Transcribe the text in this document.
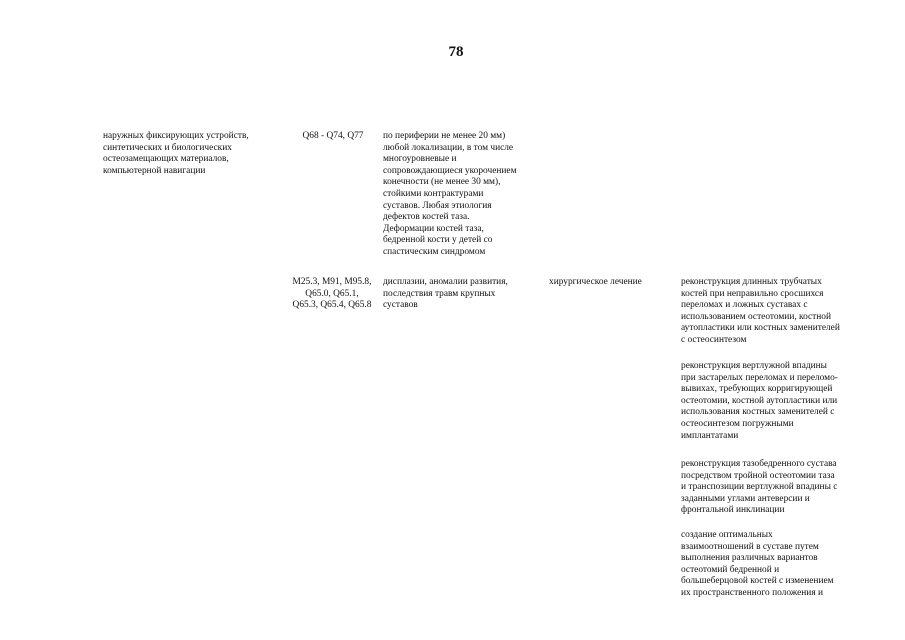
78
наружных фиксирующих устройств,
синтетических и биологических
остеозамещающих материалов,
компьютерной навигации
Q68 - Q74, Q77	по периферии не менее 20 мм)
любой локализации, в том числе
многоуровневые и
сопровождающиеся укорочением
конечности (не менее 30 мм),
стойкими контрактурами
суставов. Любая этиология
дефектов костей таза.
Деформации костей таза,
бедренной кости у детей со
спастическим синдромом
M25.3, M91, M95.8,
Q65.0, Q65.1,
Q65.3, Q65.4, Q65.8
дисплазии, аномалии развития,
последствия травм крупных
суставов
хирургическое лечение	реконструкция длинных трубчатых
костей при неправильно сросшихся
переломах и ложных суставах с
использованием остеотомии, костной
аутопластики или костных заменителей
с остеосинтезом
реконструкция вертлужной впадины
при застарелых переломах и переломо-
вывихах, требующих корригирующей
остеотомии, костной аутопластики или
использования костных заменителей с
остеосинтезом погружными
имплантатами
реконструкция тазобедренного сустава
посредством тройной остеотомии таза
и транспозиции вертлужной впадины с
заданными углами антеверсии и
фронтальной инклинации
создание оптимальных
взаимоотношений в суставе путем
выполнения различных вариантов
остеотомий бедренной и
большеберцовой костей с изменением
их пространственного положения и
